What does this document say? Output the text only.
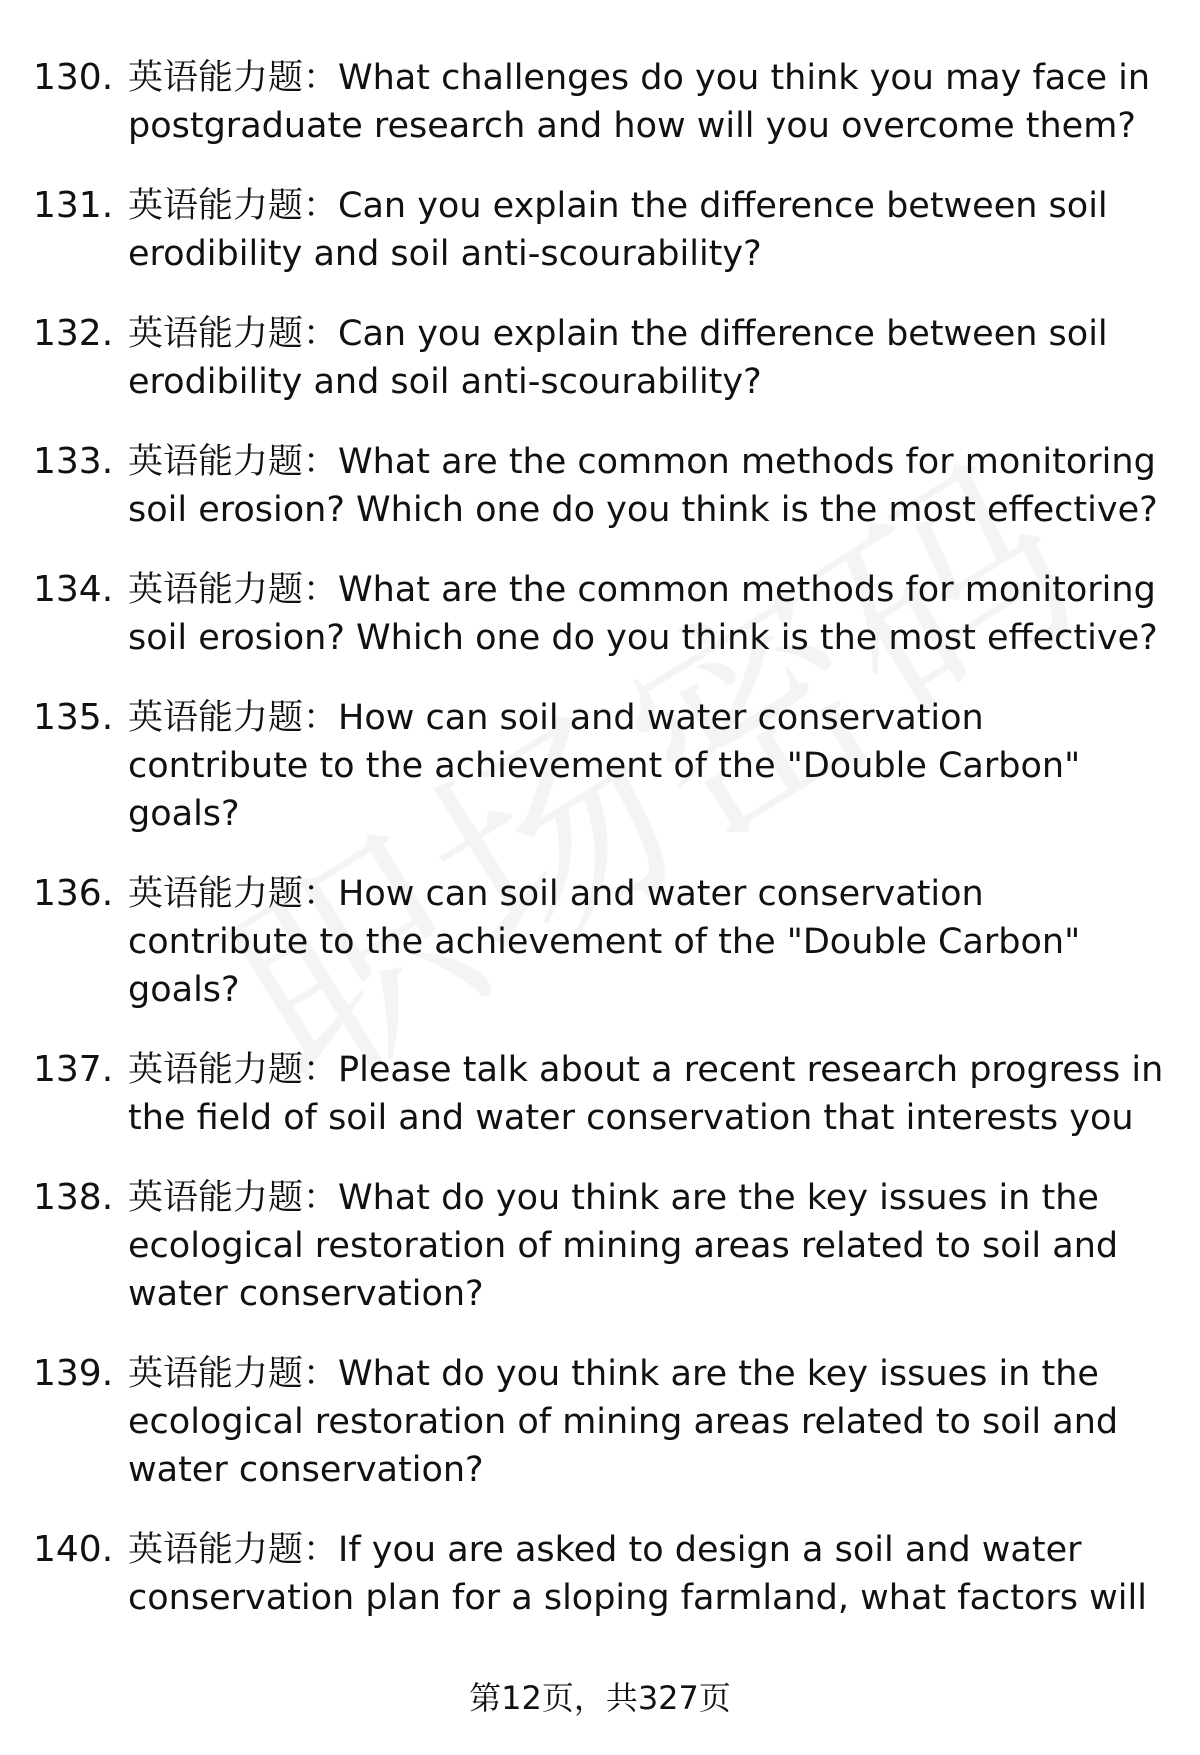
130. 英语能力题：What challenges do you think you may face in
postgraduate research and how will you overcome them?
131. 英语能力题：Can you explain the difference between soil
erodibility and soil anti-scourability?
132. 英语能力题：Can you explain the difference between soil
erodibility and soil anti-scourability?
133. 英语能力题：What are the common methods for monitoring
soil erosion? Which one do you think is the most effective?
134. 英语能力题：What are the common methods for monitoring
soil erosion? Which one do you think is the most effective?
135. 英语能力题：How can soil and water conservation
contribute to the achievement of the "Double Carbon"
goals?
136. 英语能力题：How can soil and water conservation
contribute to the achievement of the "Double Carbon"
goals?
137. 英语能力题：Please talk about a recent research progress in
the field of soil and water conservation that interests you
138. 英语能力题：What do you think are the key issues in the
ecological restoration of mining areas related to soil and
water conservation?
139. 英语能力题：What do you think are the key issues in the
ecological restoration of mining areas related to soil and
water conservation?
140. 英语能力题：If you are asked to design a soil and water
conservation plan for a sloping farmland, what factors will
第12页，共327页
